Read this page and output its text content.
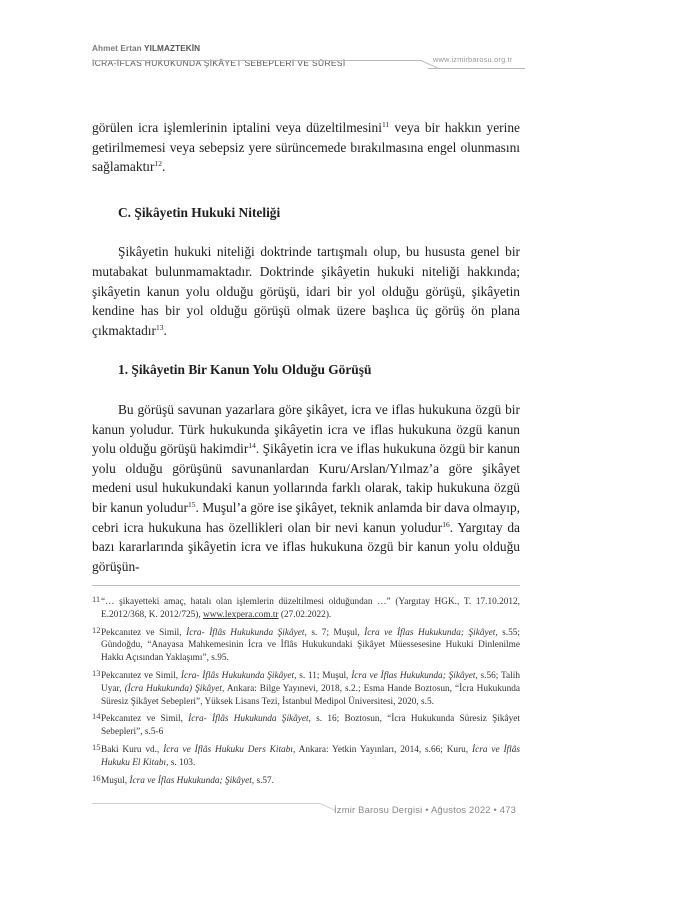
Ahmet Ertan YILMAZTEKİN
İCRA-İFLAS HUKUKUNDA ŞİKÂYET SEBEPLERİ VE SÜRESİ	www.izmirbarosu.org.tr

görülen icra işlemlerinin iptalini veya düzeltilmesini$^{11}$ veya bir hakkın yerine getirilmemesi veya sebepsiz yere sürüncemede bırakılmasına engel olunmasını sağlamaktır$^{12}$.

C. Şikâyetin Hukuki Niteliği

Şikâyetin hukuki niteliği doktrinde tartışmalı olup, bu hususta genel bir mutabakat bulunmamaktadır. Doktrinde şikâyetin hukuki niteliği hakkında; şikâyetin kanun yolu olduğu görüşü, idari bir yol olduğu görüşü, şikâyetin kendine has bir yol olduğu görüşü olmak üzere başlıca üç görüş ön plana çıkmaktadır$^{13}$.

1. Şikâyetin Bir Kanun Yolu Olduğu Görüşü

Bu görüşü savunan yazarlara göre şikâyet, icra ve iflas hukukuna özgü bir kanun yoludur. Türk hukukunda şikâyetin icra ve iflas hukukuna özgü kanun yolu olduğu görüşü hakimdir$^{14}$. Şikâyetin icra ve iflas hukukuna özgü bir kanun yolu olduğu görüşünü savunanlardan Kuru/Arslan/Yılmaz’a göre şikâyet medeni usul hukukundaki kanun yollarında farklı olarak, takip hukukuna özgü bir kanun yoludur$^{15}$. Muşul’a göre ise şikâyet, teknik anlamda bir dava olmayıp, cebri icra hukukuna has özellikleri olan bir nevi kanun yoludur$^{16}$. Yargıtay da bazı kararlarında şikâyetin icra ve iflas hukukuna özgü bir kanun yolu olduğu görüşün-

11 “… şikayetteki amaç, hatalı olan işlemlerin düzeltilmesi olduğundan …” (Yargıtay HGK., T. 17.10.2012, E.2012/368, K. 2012/725), www.lexpera.com.tr (27.02.2022).
12 Pekcanıtez ve Simil, İcra- İflâs Hukukunda Şikâyet, s. 7; Muşul, İcra ve İflas Hukukunda; Şikâyet, s.55; Gündoğdu, “Anayasa Mahkemesinin İcra ve İflâs Hukukundaki Şikâyet Müessesesine Hukuki Dinlenilme Hakkı Açısından Yaklaşımı”, s.95.
13 Pekcanıtez ve Simil, İcra- İflâs Hukukunda Şikâyet, s. 11; Muşul, İcra ve İflas Hukukunda; Şikâyet, s.56; Talih Uyar, (İcra Hukukunda) Şikâyet, Ankara: Bilge Yayınevi, 2018, s.2.; Esma Hande Boztosun, “İcra Hukukunda Süresiz Şikâyet Sebepleri”, Yüksek Lisans Tezi, İstanbul Medipol Üniversitesi, 2020, s.5.
14 Pekcanıtez ve Simil, İcra- İflâs Hukukunda Şikâyet, s. 16; Boztosun, “İcra Hukukunda Süresiz Şikâyet Sebepleri”, s.5-6
15 Baki Kuru vd., İcra ve İflâs Hukuku Ders Kitabı, Ankara: Yetkin Yayınları, 2014, s.66; Kuru, İcra ve İflâs Hukuku El Kitabı, s. 103.
16 Muşul, İcra ve İflas Hukukunda; Şikâyet, s.57.
İzmir Barosu Dergisi • Ağustos 2022 • 473
